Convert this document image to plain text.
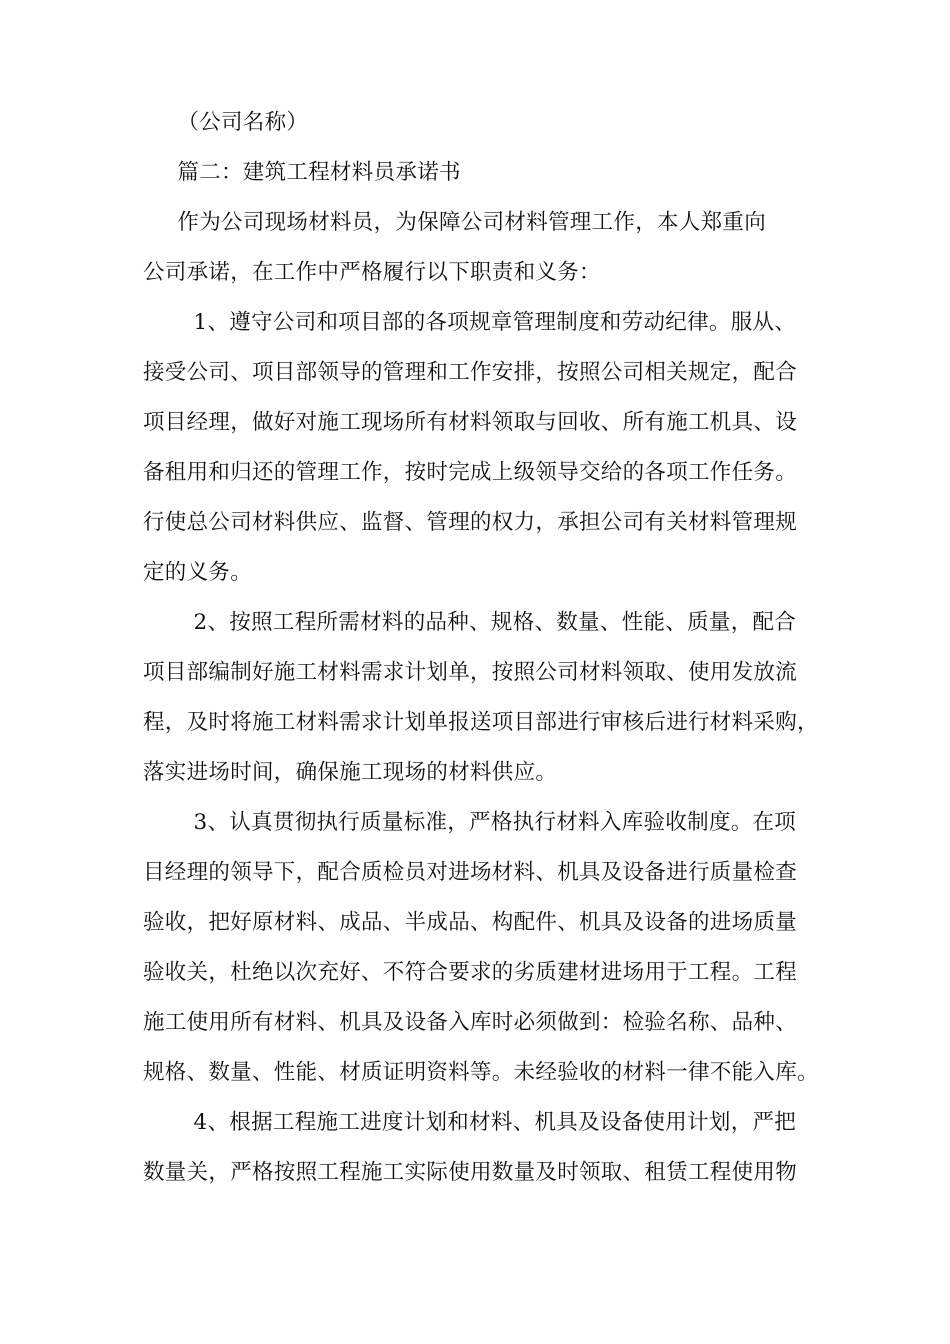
（公司名称）

篇二：建筑工程材料员承诺书

作为公司现场材料员，为保障公司材料管理工作，本人郑重向
公司承诺，在工作中严格履行以下职责和义务：

1、遵守公司和项目部的各项规章管理制度和劳动纪律。服从、
接受公司、项目部领导的管理和工作安排，按照公司相关规定，配合
项目经理，做好对施工现场所有材料领取与回收、所有施工机具、设
备租用和归还的管理工作，按时完成上级领导交给的各项工作任务。
行使总公司材料供应、监督、管理的权力，承担公司有关材料管理规
定的义务。

2、按照工程所需材料的品种、规格、数量、性能、质量，配合
项目部编制好施工材料需求计划单，按照公司材料领取、使用发放流
程，及时将施工材料需求计划单报送项目部进行审核后进行材料采购，
落实进场时间，确保施工现场的材料供应。

3、认真贯彻执行质量标准，严格执行材料入库验收制度。在项
目经理的领导下，配合质检员对进场材料、机具及设备进行质量检查
验收，把好原材料、成品、半成品、构配件、机具及设备的进场质量
验收关，杜绝以次充好、不符合要求的劣质建材进场用于工程。工程
施工使用所有材料、机具及设备入库时必须做到：检验名称、品种、
规格、数量、性能、材质证明资料等。未经验收的材料一律不能入库。

4、根据工程施工进度计划和材料、机具及设备使用计划，严把
数量关，严格按照工程施工实际使用数量及时领取、租赁工程使用物
